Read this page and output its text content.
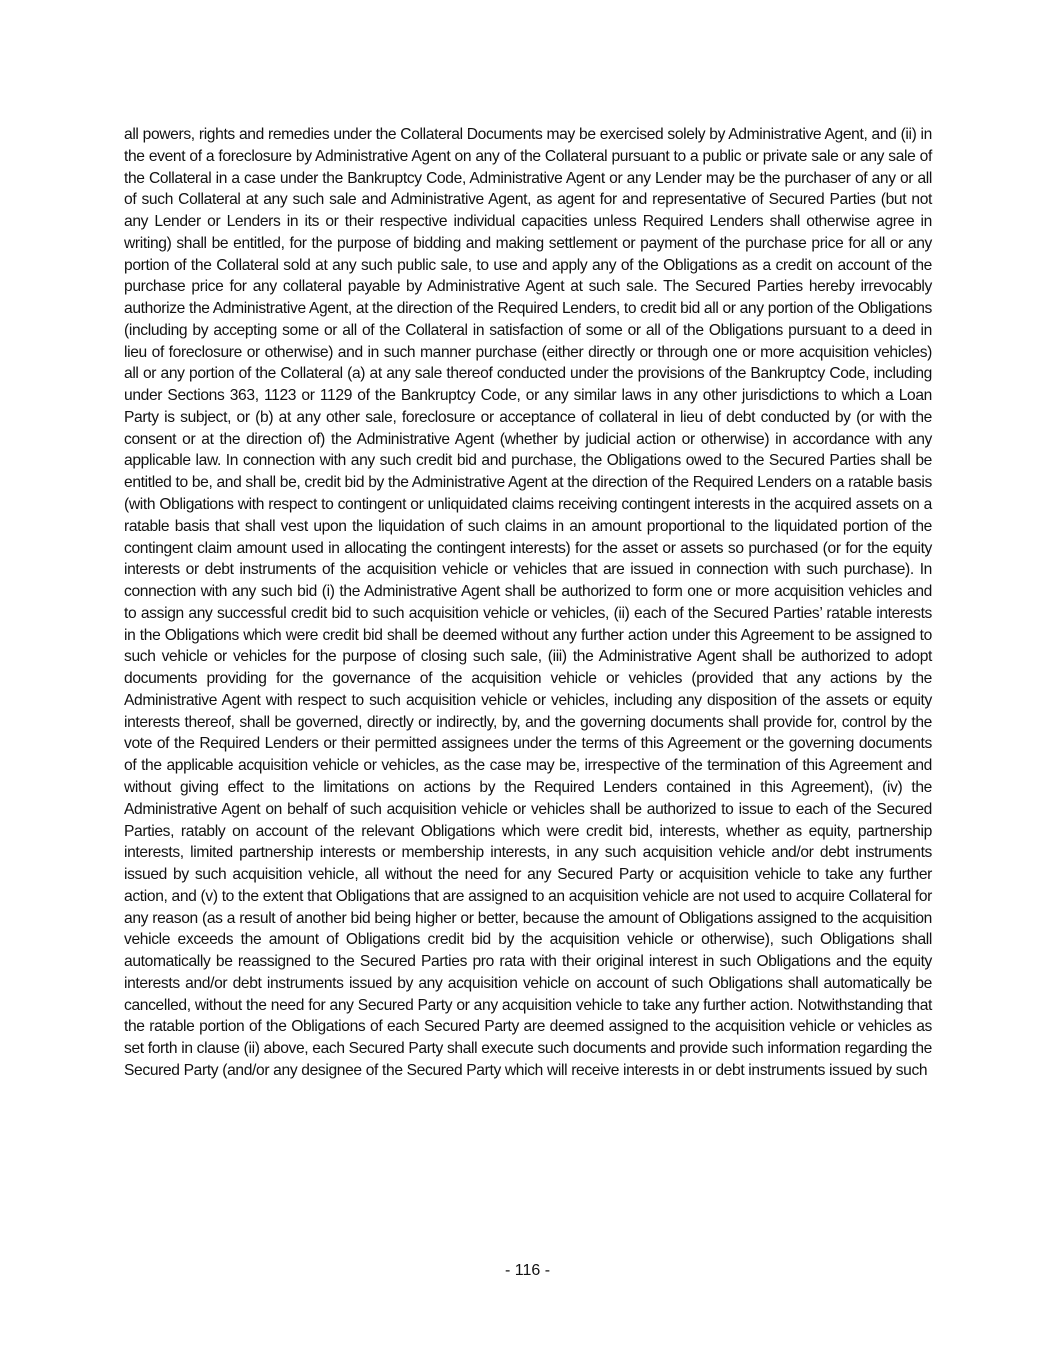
all powers, rights and remedies under the Collateral Documents may be exercised solely by Administrative Agent, and (ii) in the event of a foreclosure by Administrative Agent on any of the Collateral pursuant to a public or private sale or any sale of the Collateral in a case under the Bankruptcy Code, Administrative Agent or any Lender may be the purchaser of any or all of such Collateral at any such sale and Administrative Agent, as agent for and representative of Secured Parties (but not any Lender or Lenders in its or their respective individual capacities unless Required Lenders shall otherwise agree in writing) shall be entitled, for the purpose of bidding and making settlement or payment of the purchase price for all or any portion of the Collateral sold at any such public sale, to use and apply any of the Obligations as a credit on account of the purchase price for any collateral payable by Administrative Agent at such sale. The Secured Parties hereby irrevocably authorize the Administrative Agent, at the direction of the Required Lenders, to credit bid all or any portion of the Obligations (including by accepting some or all of the Collateral in satisfaction of some or all of the Obligations pursuant to a deed in lieu of foreclosure or otherwise) and in such manner purchase (either directly or through one or more acquisition vehicles) all or any portion of the Collateral (a) at any sale thereof conducted under the provisions of the Bankruptcy Code, including under Sections 363, 1123 or 1129 of the Bankruptcy Code, or any similar laws in any other jurisdictions to which a Loan Party is subject, or (b) at any other sale, foreclosure or acceptance of collateral in lieu of debt conducted by (or with the consent or at the direction of) the Administrative Agent (whether by judicial action or otherwise) in accordance with any applicable law. In connection with any such credit bid and purchase, the Obligations owed to the Secured Parties shall be entitled to be, and shall be, credit bid by the Administrative Agent at the direction of the Required Lenders on a ratable basis (with Obligations with respect to contingent or unliquidated claims receiving contingent interests in the acquired assets on a ratable basis that shall vest upon the liquidation of such claims in an amount proportional to the liquidated portion of the contingent claim amount used in allocating the contingent interests) for the asset or assets so purchased (or for the equity interests or debt instruments of the acquisition vehicle or vehicles that are issued in connection with such purchase). In connection with any such bid (i) the Administrative Agent shall be authorized to form one or more acquisition vehicles and to assign any successful credit bid to such acquisition vehicle or vehicles, (ii) each of the Secured Parties’ ratable interests in the Obligations which were credit bid shall be deemed without any further action under this Agreement to be assigned to such vehicle or vehicles for the purpose of closing such sale, (iii) the Administrative Agent shall be authorized to adopt documents providing for the governance of the acquisition vehicle or vehicles (provided that any actions by the Administrative Agent with respect to such acquisition vehicle or vehicles, including any disposition of the assets or equity interests thereof, shall be governed, directly or indirectly, by, and the governing documents shall provide for, control by the vote of the Required Lenders or their permitted assignees under the terms of this Agreement or the governing documents of the applicable acquisition vehicle or vehicles, as the case may be, irrespective of the termination of this Agreement and without giving effect to the limitations on actions by the Required Lenders contained in this Agreement), (iv) the Administrative Agent on behalf of such acquisition vehicle or vehicles shall be authorized to issue to each of the Secured Parties, ratably on account of the relevant Obligations which were credit bid, interests, whether as equity, partnership interests, limited partnership interests or membership interests, in any such acquisition vehicle and/or debt instruments issued by such acquisition vehicle, all without the need for any Secured Party or acquisition vehicle to take any further action, and (v) to the extent that Obligations that are assigned to an acquisition vehicle are not used to acquire Collateral for any reason (as a result of another bid being higher or better, because the amount of Obligations assigned to the acquisition vehicle exceeds the amount of Obligations credit bid by the acquisition vehicle or otherwise), such Obligations shall automatically be reassigned to the Secured Parties pro rata with their original interest in such Obligations and the equity interests and/or debt instruments issued by any acquisition vehicle on account of such Obligations shall automatically be cancelled, without the need for any Secured Party or any acquisition vehicle to take any further action. Notwithstanding that the ratable portion of the Obligations of each Secured Party are deemed assigned to the acquisition vehicle or vehicles as set forth in clause (ii) above, each Secured Party shall execute such documents and provide such information regarding the Secured Party (and/or any designee of the Secured Party which will receive interests in or debt instruments issued by such

- 116 -
